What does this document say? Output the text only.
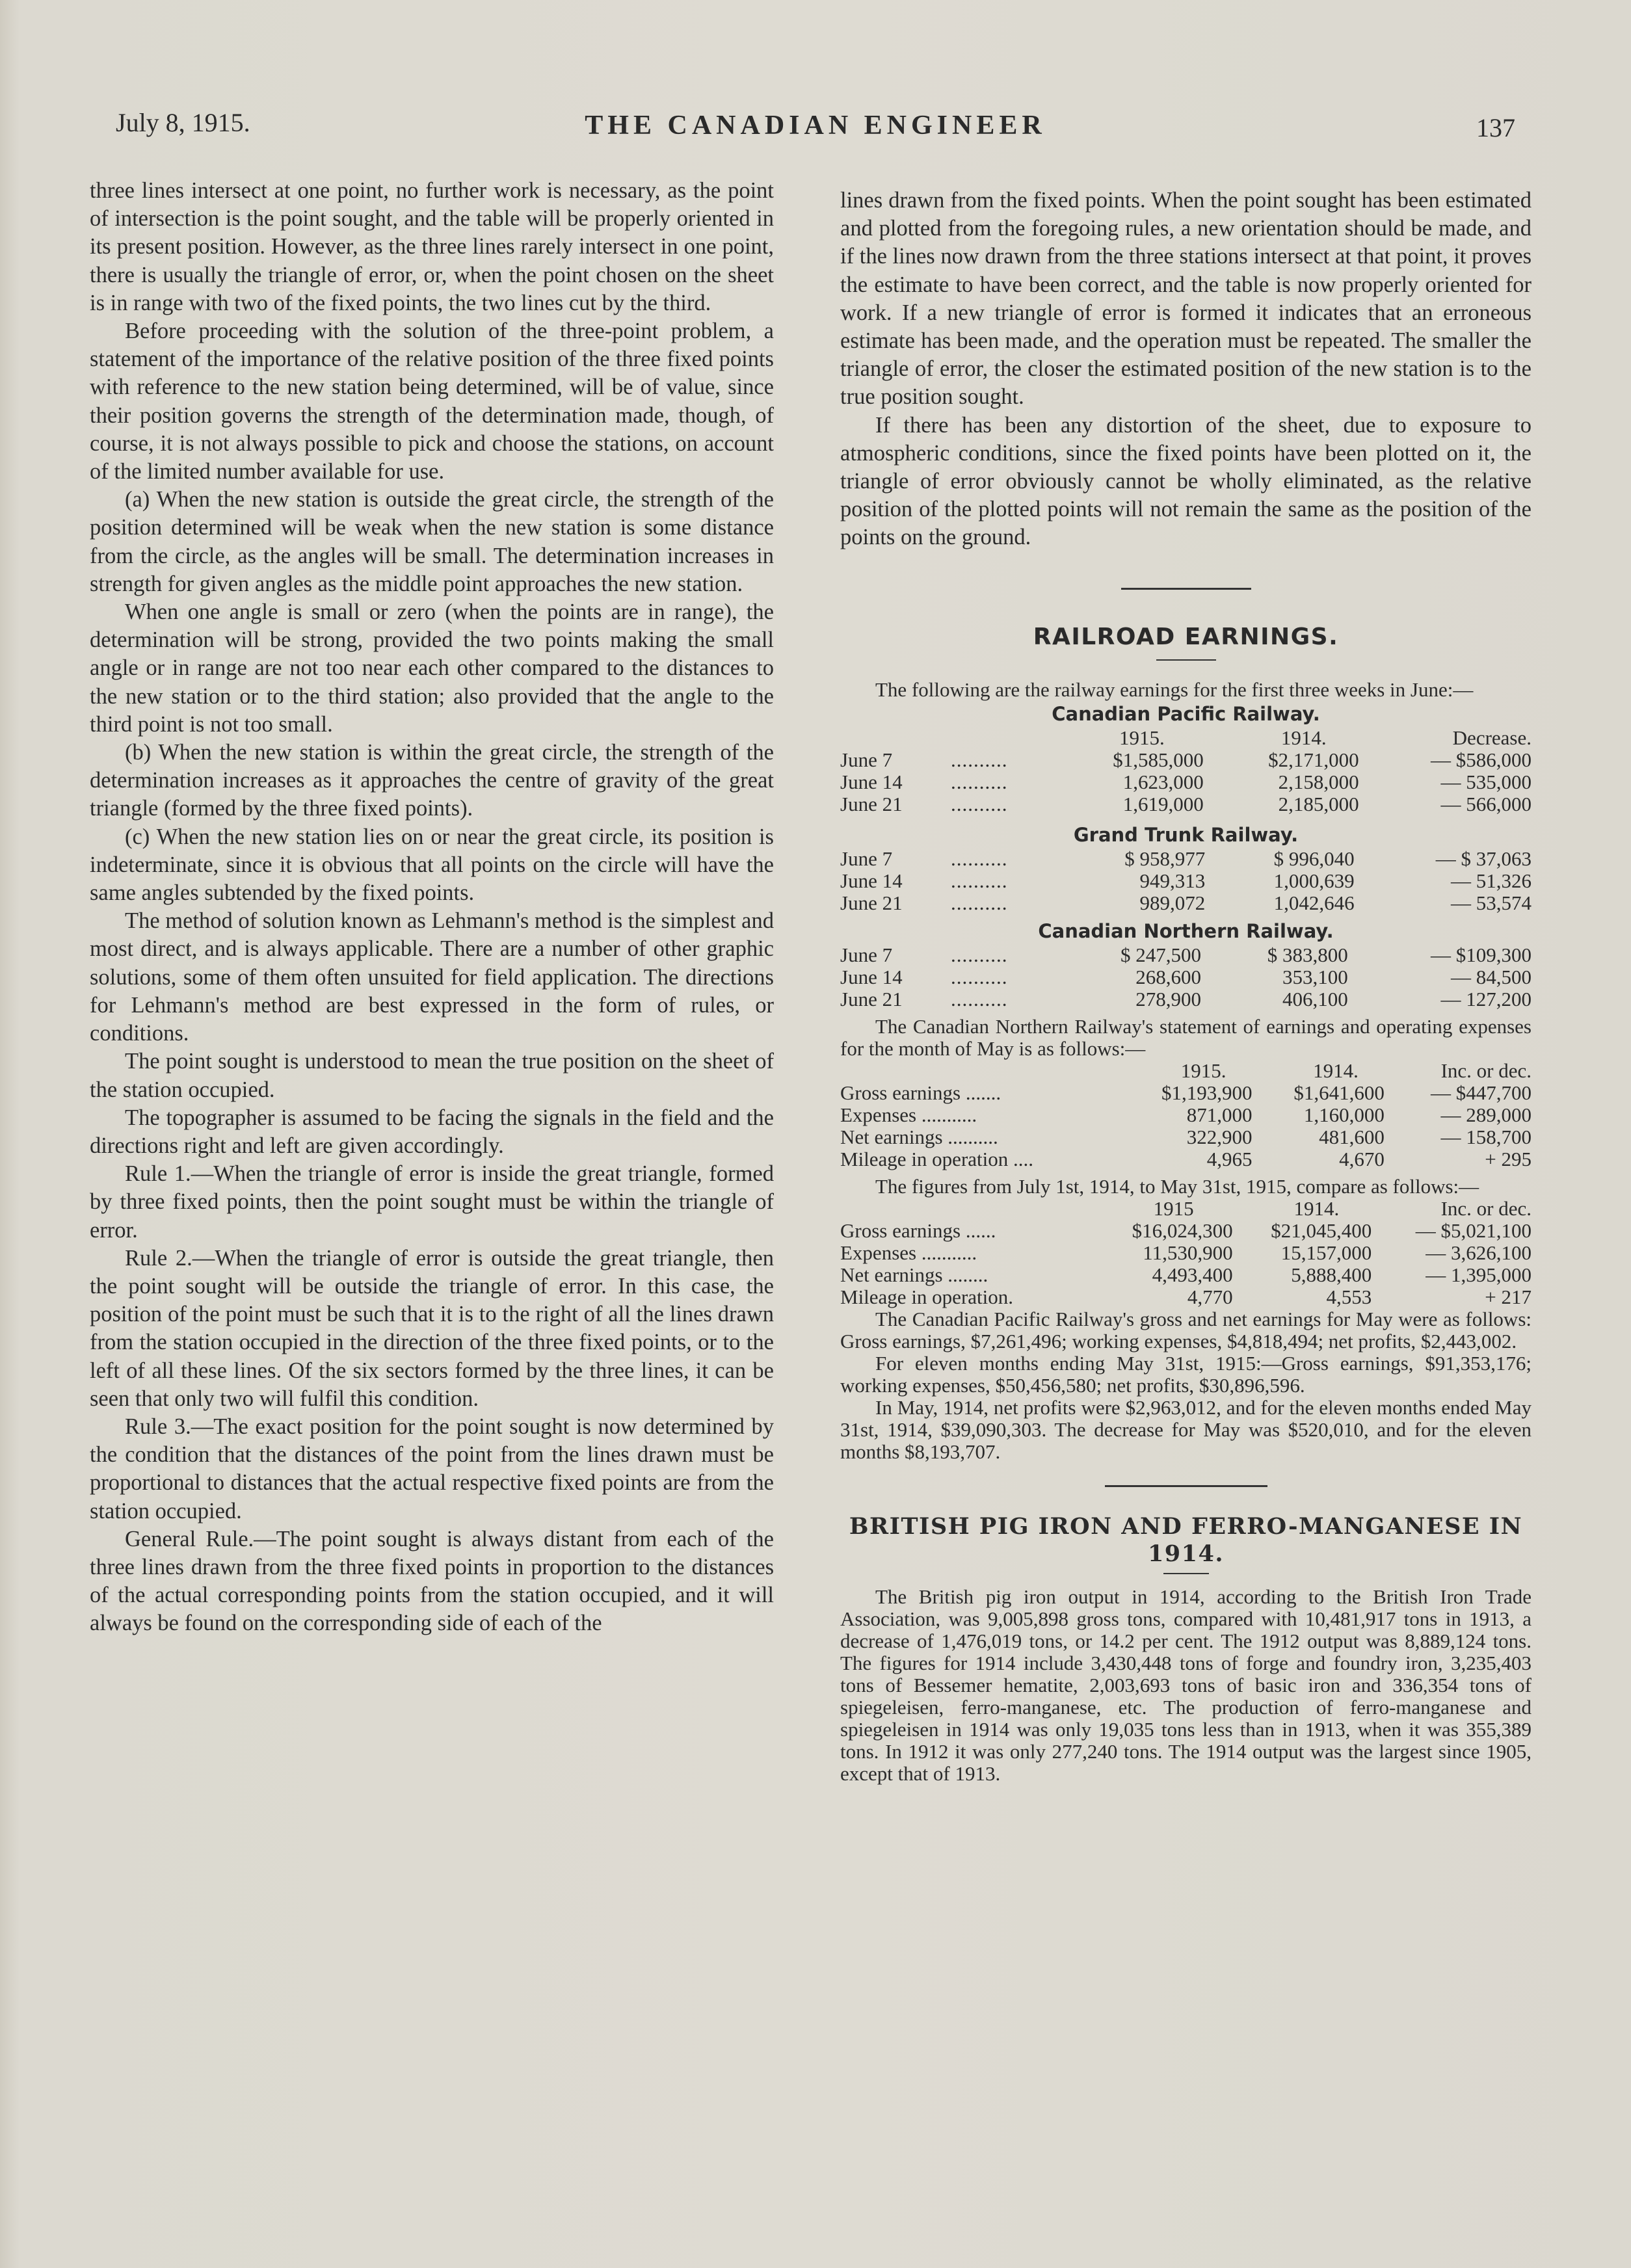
July 8, 1915.	THE CANADIAN ENGINEER	137

three lines intersect at one point, no further work is necessary, as the point of intersection is the point sought, and the table will be properly oriented in its present position. However, as the three lines rarely intersect in one point, there is usually the triangle of error, or, when the point chosen on the sheet is in range with two of the fixed points, the two lines cut by the third.

Before proceeding with the solution of the three-point problem, a statement of the importance of the relative position of the three fixed points with reference to the new station being determined, will be of value, since their position governs the strength of the determination made, though, of course, it is not always possible to pick and choose the stations, on account of the limited number available for use.

(a) When the new station is outside the great circle, the strength of the position determined will be weak when the new station is some distance from the circle, as the angles will be small. The determination increases in strength for given angles as the middle point approaches the new station.

When one angle is small or zero (when the points are in range), the determination will be strong, provided the two points making the small angle or in range are not too near each other compared to the distances to the new station or to the third station; also provided that the angle to the third point is not too small.

(b) When the new station is within the great circle, the strength of the determination increases as it approaches the centre of gravity of the great triangle (formed by the three fixed points).

(c) When the new station lies on or near the great circle, its position is indeterminate, since it is obvious that all points on the circle will have the same angles subtended by the fixed points.

The method of solution known as Lehmann's method is the simplest and most direct, and is always applicable. There are a number of other graphic solutions, some of them often unsuited for field application. The directions for Lehmann's method are best expressed in the form of rules, or conditions.

The point sought is understood to mean the true position on the sheet of the station occupied.

The topographer is assumed to be facing the signals in the field and the directions right and left are given accordingly.

Rule 1.—When the triangle of error is inside the great triangle, formed by three fixed points, then the point sought must be within the triangle of error.

Rule 2.—When the triangle of error is outside the great triangle, then the point sought will be outside the triangle of error. In this case, the position of the point must be such that it is to the right of all the lines drawn from the station occupied in the direction of the three fixed points, or to the left of all these lines. Of the six sectors formed by the three lines, it can be seen that only two will fulfil this condition.

Rule 3.—The exact position for the point sought is now determined by the condition that the distances of the point from the lines drawn must be proportional to distances that the actual respective fixed points are from the station occupied.

General Rule.—The point sought is always distant from each of the three lines drawn from the three fixed points in proportion to the distances of the actual corresponding points from the station occupied, and it will always be found on the corresponding side of each of the

lines drawn from the fixed points. When the point sought has been estimated and plotted from the foregoing rules, a new orientation should be made, and if the lines now drawn from the three stations intersect at that point, it proves the estimate to have been correct, and the table is now properly oriented for work. If a new triangle of error is formed it indicates that an erroneous estimate has been made, and the operation must be repeated. The smaller the triangle of error, the closer the estimated position of the new station is to the true position sought.

If there has been any distortion of the sheet, due to exposure to atmospheric conditions, since the fixed points have been plotted on it, the triangle of error obviously cannot be wholly eliminated, as the relative position of the plotted points will not remain the same as the position of the points on the ground.

RAILROAD EARNINGS.

The following are the railway earnings for the first three weeks in June:—

Canadian Pacific Railway.
		1915.	1914.	Decrease.
June 7	..........	$1,585,000	$2,171,000	— $586,000
June 14	..........	1,623,000	2,158,000	— 535,000
June 21	..........	1,619,000	2,185,000	— 566,000
Grand Trunk Railway.
June 7	..........	$ 958,977	$ 996,040	— $ 37,063
June 14	..........	949,313	1,000,639	— 51,326
June 21	..........	989,072	1,042,646	— 53,574
Canadian Northern Railway.
June 7	..........	$ 247,500	$ 383,800	— $109,300
June 14	..........	268,600	353,100	— 84,500
June 21	..........	278,900	406,100	— 127,200

The Canadian Northern Railway's statement of earnings and operating expenses for the month of May is as follows:—

	1915.	1914.	Inc. or dec.
Gross earnings .......	$1,193,900	$1,641,600	— $447,700
Expenses ...........	871,000	1,160,000	— 289,000
Net earnings ..........	322,900	481,600	— 158,700
Mileage in operation ....	4,965	4,670	+ 295

The figures from July 1st, 1914, to May 31st, 1915, compare as follows:—

	1915	1914.	Inc. or dec.
Gross earnings ......	$16,024,300	$21,045,400	— $5,021,100
Expenses ...........	11,530,900	15,157,000	— 3,626,100
Net earnings ........	4,493,400	5,888,400	— 1,395,000
Mileage in operation.	4,770	4,553	+ 217

The Canadian Pacific Railway's gross and net earnings for May were as follows: Gross earnings, $7,261,496; working expenses, $4,818,494; net profits, $2,443,002.

For eleven months ending May 31st, 1915:—Gross earnings, $91,353,176; working expenses, $50,456,580; net profits, $30,896,596.

In May, 1914, net profits were $2,963,012, and for the eleven months ended May 31st, 1914, $39,090,303. The decrease for May was $520,010, and for the eleven months $8,193,707.

BRITISH PIG IRON AND FERRO-MANGANESE IN 1914.

The British pig iron output in 1914, according to the British Iron Trade Association, was 9,005,898 gross tons, compared with 10,481,917 tons in 1913, a decrease of 1,476,019 tons, or 14.2 per cent. The 1912 output was 8,889,124 tons. The figures for 1914 include 3,430,448 tons of forge and foundry iron, 3,235,403 tons of Bessemer hematite, 2,003,693 tons of basic iron and 336,354 tons of spiegeleisen, ferro-manganese, etc. The production of ferro-manganese and spiegeleisen in 1914 was only 19,035 tons less than in 1913, when it was 355,389 tons. In 1912 it was only 277,240 tons. The 1914 output was the largest since 1905, except that of 1913.
